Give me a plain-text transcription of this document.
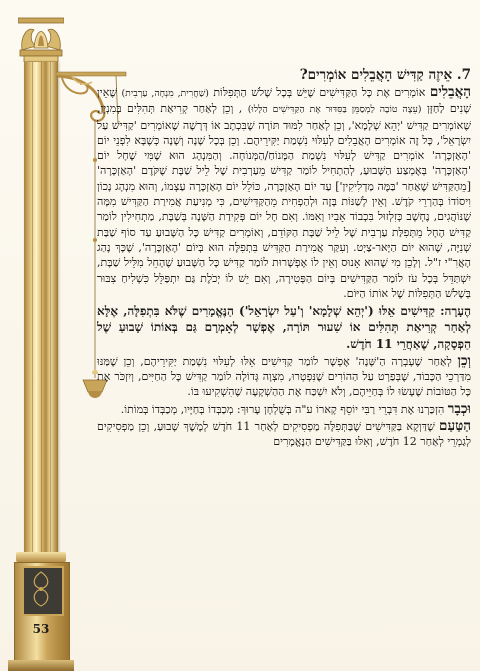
53
7. אֵיזֶה קַדִּישׁ הָאֲבֵלִים אוֹמְרִים?

הָאֲבֵלִים אוֹמְרִים אֶת כָּל הַקַּדִּישִׁים שֶׁיֵּשׁ בְּכָל שָׁלֹשׁ הַתְּפִלּוֹת (שַׁחֲרִית, מִנְחָה, עַרְבִית) שֶׁאֵין שָׁנִים לַחַזָּן (עֵצָה טוֹבָה לַמְסַמֵּן בַּסִּדּוּר אֶת הַקַּדִּישִׁים הַלָּלוּ) , וְכֵן לְאַחַר קְרִיאַת תְּהִלִּים בְּמִנְיָן, שֶׁאוֹמְרִים קַדִּישׁ 'יְהֵא שְׁלָמָא', וְכֵן לְאַחַר לִמּוּד תּוֹרָה שֶׁבִּכְתָב אוֹ דְּרָשָׁה שֶׁאוֹמְרִים 'קַדִּישׁ עַל יִשְׂרָאֵל', כָּל זֶה אוֹמְרִים הָאֲבֵלִים לְעִלּוּי נִשְׁמַת יַקִּירֵיהֶם. וְכֵן בְּכָל שָׁנָה וְשָׁנָה כְּשֶׁבָּא לִפְנֵי יוֹם 'הָאַזְכָּרָה' אוֹמְרִים קַדִּישׁ לְעִלּוּי נִשְׁמַת הַמָּנוֹחַ/הַמְּנוֹחָה. וְהַמִּנְהָג הוּא שֶׁמִּי שֶׁחָל יוֹם 'הָאַזְכָּרָה' בְּאֶמְצַע הַשָּׁבוּעַ, לְהַתְחִיל לוֹמַר קַדִּישׁ מֵעַרְבִית שֶׁל לֵיל שַׁבָּת שֶׁקֹּדֶם 'הָאַזְכָּרָה' [מֵהַקַּדִּישׁ שֶׁאַחַר 'בַּמֶּה מַדְלִיקִין'] עַד יוֹם הָאַזְכָּרָה, כּוֹלֵל יוֹם הָאַזְכָּרָה עַצְמוֹ, וְהוּא מִנְהָג נָכוֹן וִיסוֹדוֹ בְּהַרְרֵי קֹדֶשׁ. וְאֵין לְשַׁנּוֹת בָּזֶה וּלְהַפְחִית מֵהַקַּדִּישִׁים, כִּי מְנִיעַת אֲמִירַת הַקַּדִּישׁ מִמָּה שֶׁנּוֹהֲגִים, נֶחְשָׁב כְּזִלְזוּל בִּכְבוֹד אָבִיו וְאִמּוֹ. וְאִם חָל יוֹם פְּקִידַת הַשָּׁנָה בְּשַׁבָּת, מַתְחִילִין לוֹמַר קַדִּישׁ הֶחָל מֵתְּפִלַּת עַרְבִית שֶׁל לֵיל שַׁבָּת הַקּוֹדֵם, וְאוֹמְרִים קַדִּישׁ כָּל הַשָּׁבוּעַ עַד סוֹף שַׁבַּת שְׁנִיָּה, שֶׁהוּא יוֹם הַיָּאר-צַיְט. וְעִקַּר אֲמִירַת הַקַּדִּישׁ בִּתְפִלָּה הוּא בְּיוֹם 'הָאַזְכָּרָה', שֶׁכָּךְ נָהַג הָאֲרִ"י ז"ל. וְלָכֵן מִי שֶׁהוּא אָנוּס וְאֵין לוֹ אֶפְשָׁרוּת לוֹמַר קַדִּישׁ כָּל הַשָּׁבוּעַ שֶׁהָחֵל מִלֵּיל שַׁבָּת, יִשְׁתַּדֵּל בְּכָל עֹז לוֹמַר הַקַּדִּישִׁים בְּיוֹם הַפְּטִירָה, וְאִם יֵשׁ לוֹ יְכֹלֶת גַּם יִתְפַּלֵּל כִּשְׁלִיחַ צִבּוּר בְּשָׁלֹשׁ הַתְּפִלּוֹת שֶׁל אוֹתוֹ הַיּוֹם.

הֶעָרָה: קַדִּישִׁים אֵלּוּ ('יְהֵא שְׁלָמָא' וְ'עַל יִשְׂרָאֵל') הַנֶּאֱמָרִים שֶׁלֹּא בִּתְפִלָּה, אֶלָּא לְאַחַר קְרִיאַת תְּהִלִּים אוֹ שִׁעוּר תּוֹרָה, אֶפְשָׁר לְאָמְרָם גַּם בְּאוֹתוֹ שָׁבוּעַ שֶׁל הַפְסָקָה, שֶׁאַחֲרֵי 11 חֹדֶשׁ.

וְכֵן לְאַחַר שֶׁעָבְרָה הַ'שָּׁנָה' אֶפְשָׁר לוֹמַר קַדִּישִׁים אֵלּוּ לְעִלּוּי נִשְׁמַת יַקִּירֵיהֶם, וְכֵן שֶׁמַּנּוּ מִדַּרְכֵי הַכָּבוֹד, שֶׁבְּפַרְט עַל הַהוֹרִים שֶׁנִּפְטְרוּ, מִצְוָה גְּדוֹלָה לוֹמַר קַדִּישׁ כָּל הַחַיִּים, וְיִזְכֹּר אֶת כָּל הַטּוֹבוֹת שֶׁעָשׂוּ לוֹ בְּחַיֵּיהֶם, וְלֹא יִשְׁכַּח אֶת הַהַשְׁקָעָה שֶׁהִשְׁקִיעוּ בּוֹ.

וּכְבָר הִזְכַּרְנוּ אֶת דִּבְרֵי רַבִּי יוֹסֵף קָארוֹ ע"ה בְּשֻׁלְחָן עָרוּךְ: מְכַבְּדוֹ בְּחַיָּיו, מְכַבְּדוֹ בְּמוֹתוֹ.

הַטַּעַם שֶׁדַּוְקָא בַּקַּדִּישִׁים שֶׁבַּתְּפִלָּה מַפְסִיקִים לְאַחַר 11 חֹדֶשׁ לְמֶשֶׁךְ שָׁבוּעַ, וְכֵן מַפְסִיקִים לְגַמְרֵי לְאַחַר 12 חֹדֶשׁ, וְאִלּוּ בַּקַּדִּישִׁים הַנֶּאֱמָרִים
